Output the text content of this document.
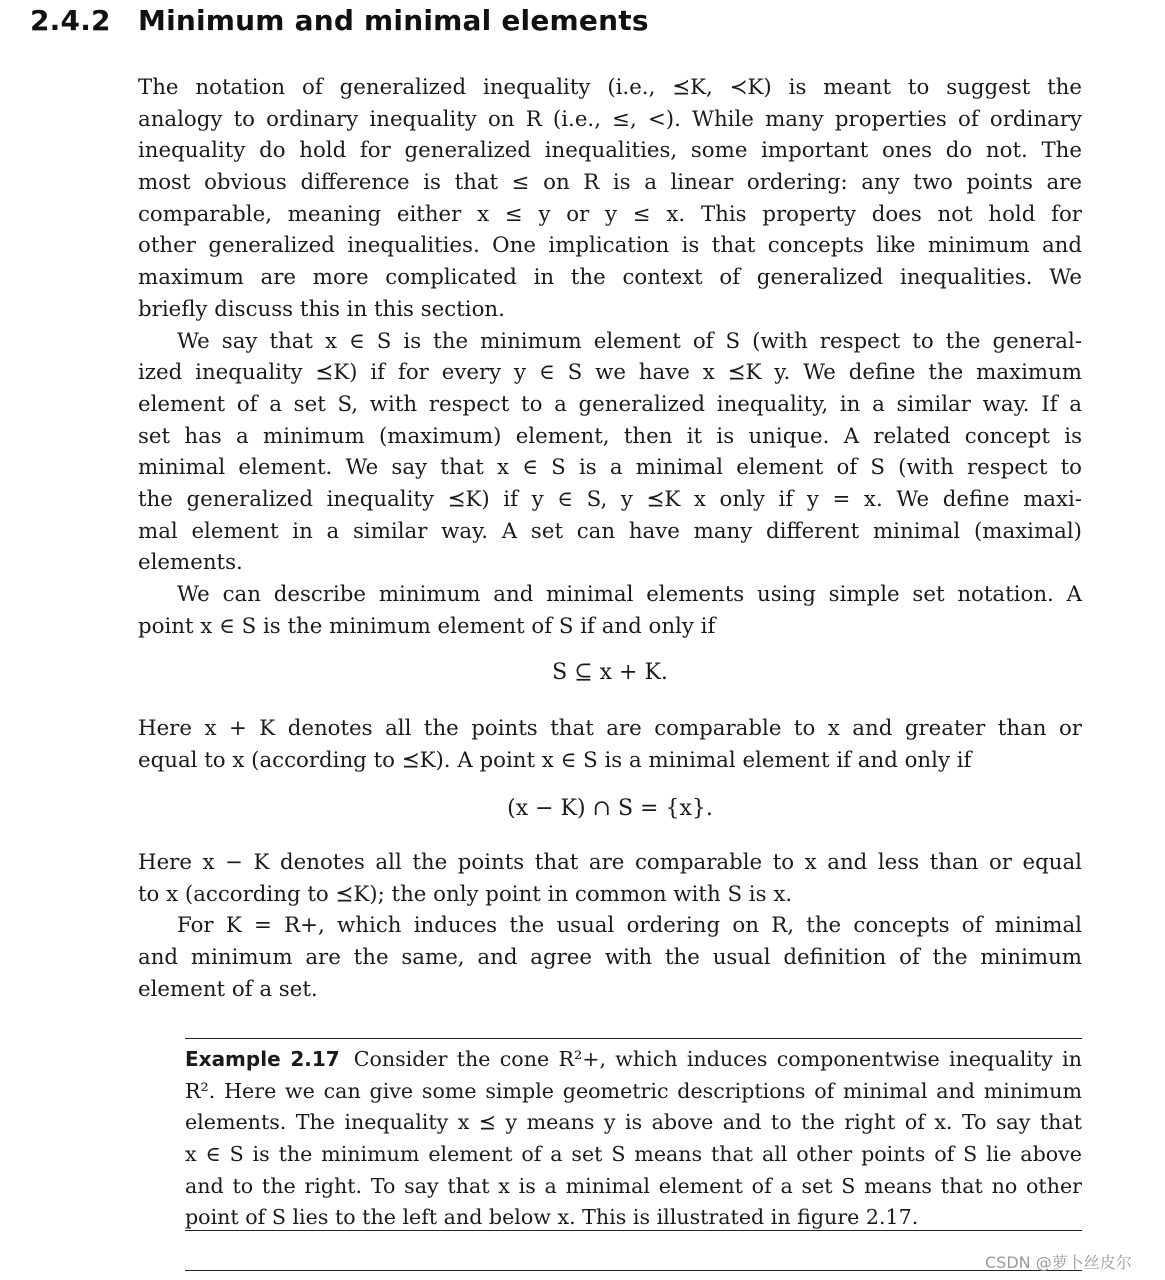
2.4.2 Minimum and minimal elements
The notation of generalized inequality (i.e., ⪯K, ≺K) is meant to suggest the
analogy to ordinary inequality on R (i.e., ≤, <). While many properties of ordinary
inequality do hold for generalized inequalities, some important ones do not. The
most obvious difference is that ≤ on R is a linear ordering: any two points are
comparable, meaning either x ≤ y or y ≤ x. This property does not hold for
other generalized inequalities. One implication is that concepts like minimum and
maximum are more complicated in the context of generalized inequalities. We
briefly discuss this in this section.
We say that x ∈ S is the minimum element of S (with respect to the general-
ized inequality ⪯K) if for every y ∈ S we have x ⪯K y. We define the maximum
element of a set S, with respect to a generalized inequality, in a similar way. If a
set has a minimum (maximum) element, then it is unique. A related concept is
minimal element. We say that x ∈ S is a minimal element of S (with respect to
the generalized inequality ⪯K) if y ∈ S, y ⪯K x only if y = x. We define maxi-
mal element in a similar way. A set can have many different minimal (maximal)
elements.
We can describe minimum and minimal elements using simple set notation. A
point x ∈ S is the minimum element of S if and only if
S ⊆ x + K.
Here x + K denotes all the points that are comparable to x and greater than or
equal to x (according to ⪯K). A point x ∈ S is a minimal element if and only if
(x − K) ∩ S = {x}.
Here x − K denotes all the points that are comparable to x and less than or equal
to x (according to ⪯K); the only point in common with S is x.
For K = R+, which induces the usual ordering on R, the concepts of minimal
and minimum are the same, and agree with the usual definition of the minimum
element of a set.
Example 2.17 Consider the cone R²+, which induces componentwise inequality in
R². Here we can give some simple geometric descriptions of minimal and minimum
elements. The inequality x ⪯ y means y is above and to the right of x. To say that
x ∈ S is the minimum element of a set S means that all other points of S lie above
and to the right. To say that x is a minimal element of a set S means that no other
point of S lies to the left and below x. This is illustrated in figure 2.17.
CSDN @萝卜丝皮尔
